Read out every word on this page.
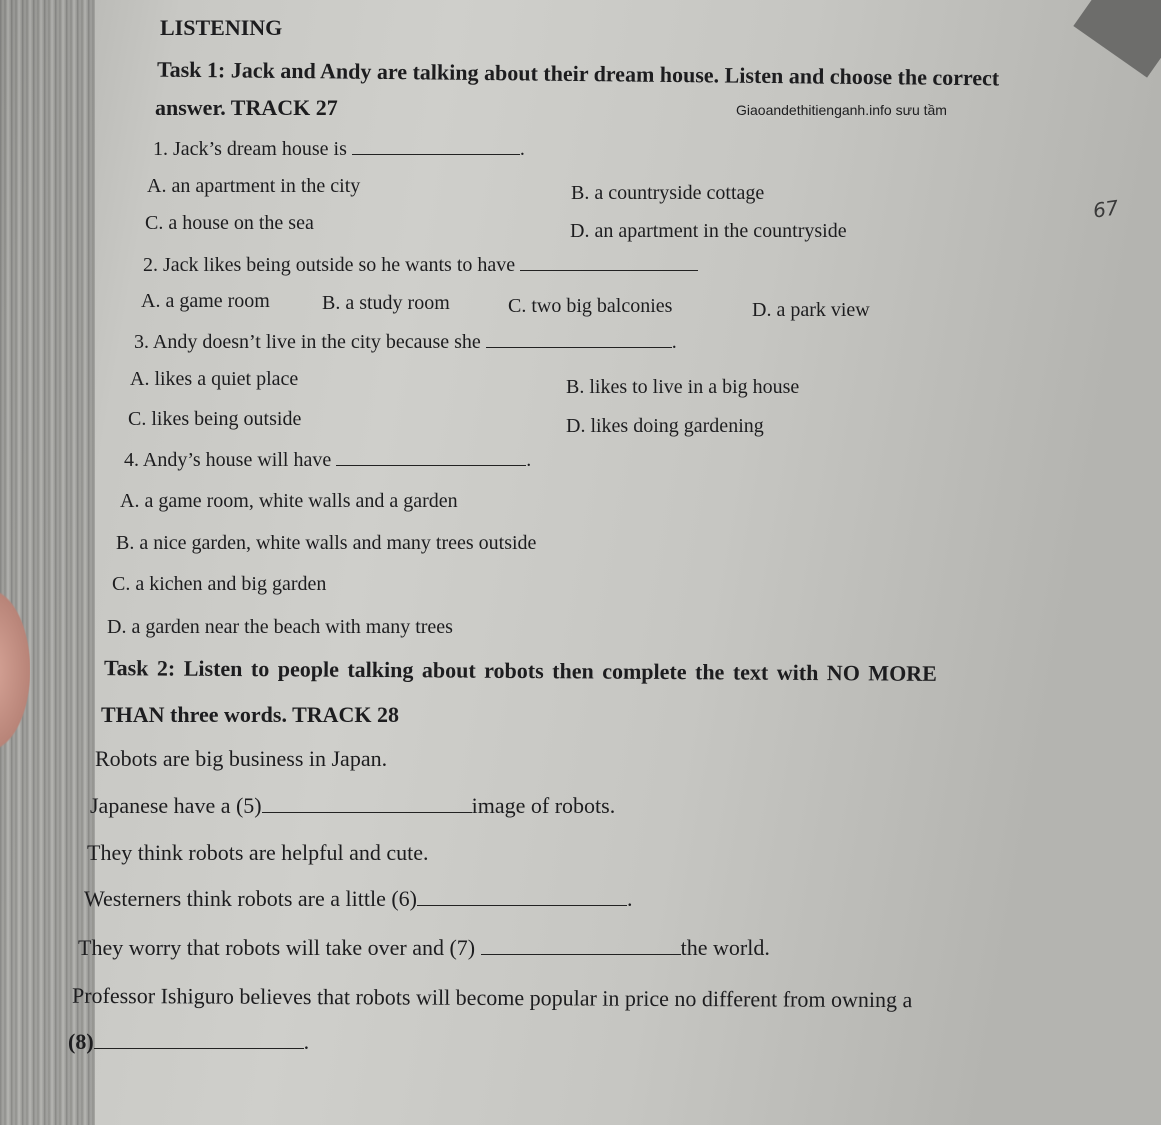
LISTENING
Task 1: Jack and Andy are talking about their dream house. Listen and choose the correct
answer. TRACK 27	Giaoandethitienganh.info sưu tầm
1. Jack’s dream house is	.
A. an apartment in the city	B. a countryside cottage
C. a house on the sea	D. an apartment in the countryside
2. Jack likes being outside so he wants to have
A. a game room	B. a study room	C. two big balconies	D. a park view
3. Andy doesn’t live in the city because she	.
A. likes a quiet place	B. likes to live in a big house
C. likes being outside	D. likes doing gardening
4. Andy’s house will have	.
A. a game room, white walls and a garden
B. a nice garden, white walls and many trees outside
C. a kichen and big garden
D. a garden near the beach with many trees
Task 2: Listen to people talking about robots then complete the text with NO MORE
THAN three words. TRACK 28
Robots are big business in Japan.
Japanese have a (5)	image of robots.
They think robots are helpful and cute.
Westerners think robots are a little (6)	.
They worry that robots will take over and (7)	the world.
Professor Ishiguro believes that robots will become popular in price no different from owning a
(8)	.
67
